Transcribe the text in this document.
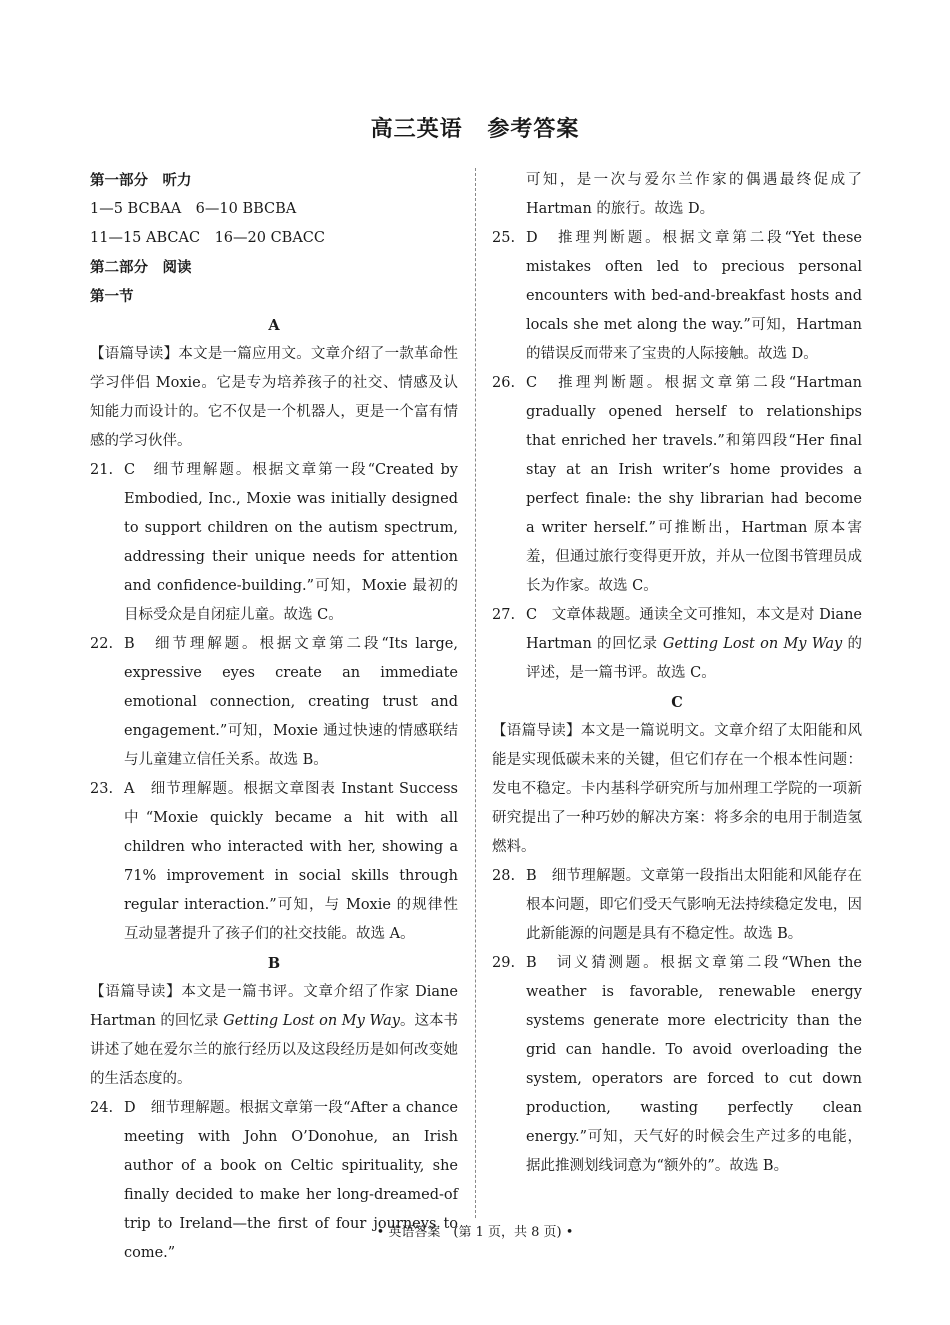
高三英语 参考答案
第一部分　听力
1—5 BCBAA　6—10 BBCBA
11—15 ABCAC　16—20 CBACC
第二部分　阅读
第一节
A
【语篇导读】本文是一篇应用文。文章介绍了一款革命性学习伴侣 Moxie。它是专为培养孩子的社交、情感及认知能力而设计的。它不仅是一个机器人，更是一个富有情感的学习伙伴。
21. C　细节理解题。根据文章第一段“Created by Embodied, Inc., Moxie was initially designed to support children on the autism spectrum, addressing their unique needs for attention and confidence-building.”可知，Moxie 最初的目标受众是自闭症儿童。故选 C。
22. B　细节理解题。根据文章第二段“Its large, expressive eyes create an immediate emotional connection, creating trust and engagement.”可知，Moxie 通过快速的情感联结与儿童建立信任关系。故选 B。
23. A　细节理解题。根据文章图表 Instant Success 中“Moxie quickly became a hit with all children who interacted with her, showing a 71% improvement in social skills through regular interaction.”可知，与 Moxie 的规律性互动显著提升了孩子们的社交技能。故选 A。
B
【语篇导读】本文是一篇书评。文章介绍了作家 Diane Hartman 的回忆录 Getting Lost on My Way。这本书讲述了她在爱尔兰的旅行经历以及这段经历是如何改变她的生活态度的。
24. D　细节理解题。根据文章第一段“After a chance meeting with John O’Donohue, an Irish author of a book on Celtic spirituality, she finally decided to make her long-dreamed-of trip to Ireland—the first of four journeys to come.”
可知，是一次与爱尔兰作家的偶遇最终促成了 Hartman 的旅行。故选 D。
25. D　推理判断题。根据文章第二段“Yet these mistakes often led to precious personal encounters with bed-and-breakfast hosts and locals she met along the way.”可知，Hartman 的错误反而带来了宝贵的人际接触。故选 D。
26. C　推理判断题。根据文章第二段“Hartman gradually opened herself to relationships that enriched her travels.”和第四段“Her final stay at an Irish writer’s home provides a perfect finale: the shy librarian had become a writer herself.”可推断出，Hartman 原本害羞，但通过旅行变得更开放，并从一位图书管理员成长为作家。故选 C。
27. C　文章体裁题。通读全文可推知，本文是对 Diane Hartman 的回忆录 Getting Lost on My Way 的评述，是一篇书评。故选 C。
C
【语篇导读】本文是一篇说明文。文章介绍了太阳能和风能是实现低碳未来的关键，但它们存在一个根本性问题：发电不稳定。卡内基科学研究所与加州理工学院的一项新研究提出了一种巧妙的解决方案：将多余的电用于制造氢燃料。
28. B　细节理解题。文章第一段指出太阳能和风能存在根本问题，即它们受天气影响无法持续稳定发电，因此新能源的问题是具有不稳定性。故选 B。
29. B　词义猜测题。根据文章第二段“When the weather is favorable, renewable energy systems generate more electricity than the grid can handle. To avoid overloading the system, operators are forced to cut down production, wasting perfectly clean energy.”可知，天气好的时候会生产过多的电能，据此推测划线词意为“额外的”。故选 B。
• 英语答案　(第 1 页，共 8 页) •
